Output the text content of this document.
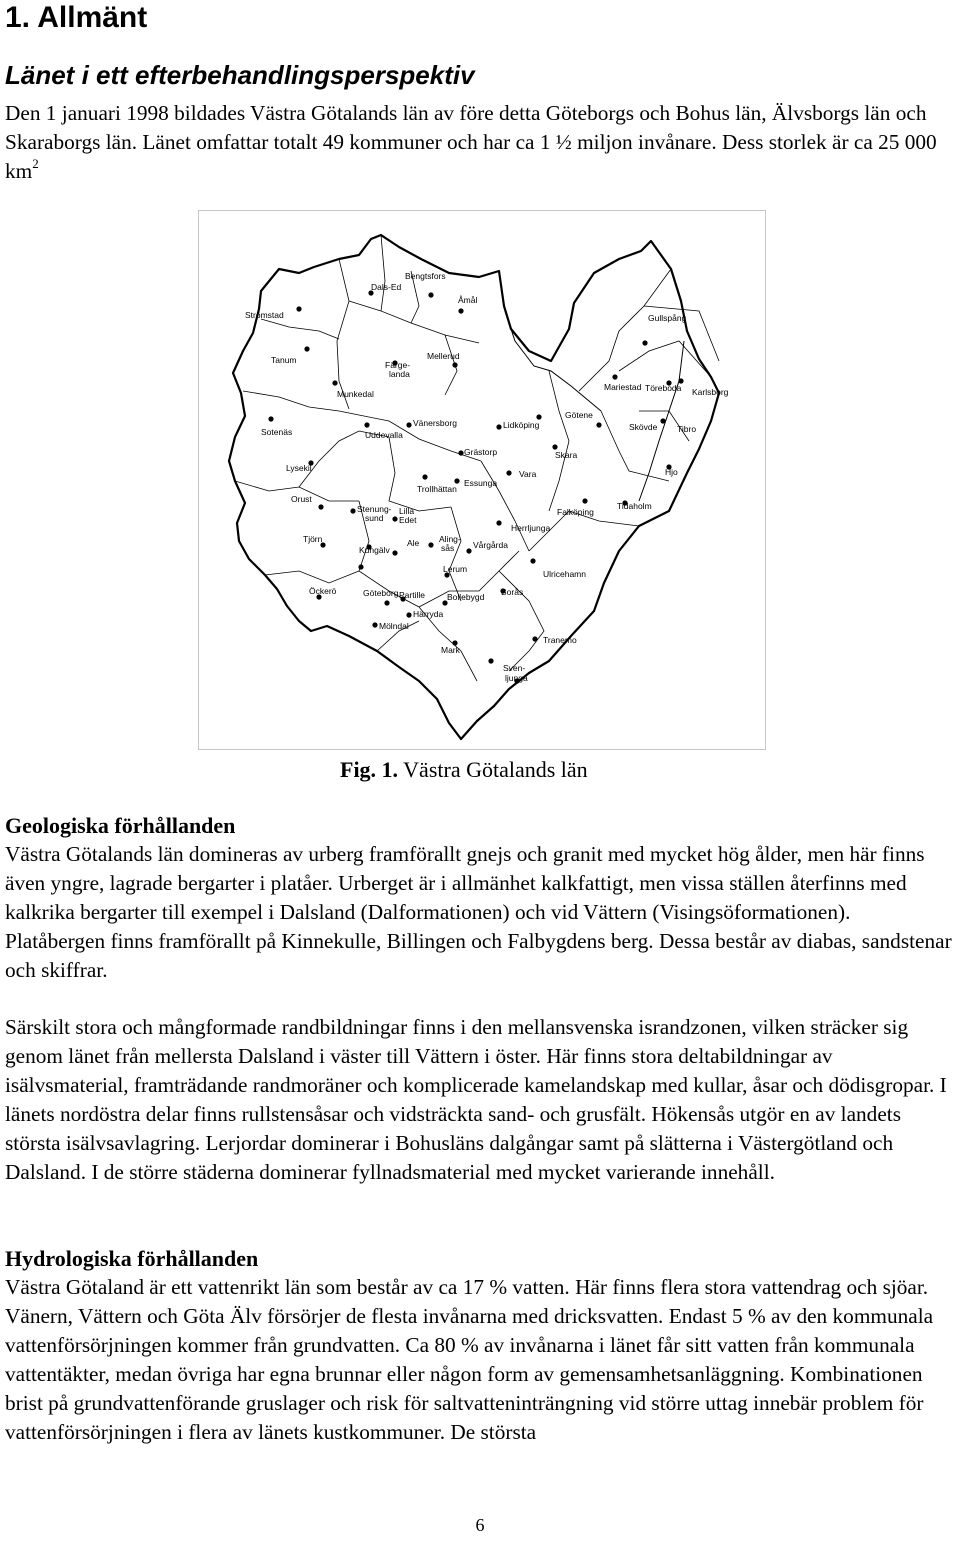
1. Allmänt
Länet i ett efterbehandlingsperspektiv

Den 1 januari 1998 bildades Västra Götalands län av före detta Göteborgs och Bohus län, Älvsborgs län och Skaraborgs län. Länet omfattar totalt 49 kommuner och har ca 1 ½ miljon invånare. Dess storlek är ca 25 000 $km^2$

Strömstad
Dals-Ed
Bengtsfors
Åmål
Gullspång
Tanum	Färge-
landa
Mellerud
Munkedal
Mariestad Töreboda Karlsborg
Sotenäs	Uddevalla
Vänersborg	Lidköping
Götene
Skövde Tibro
Grästorp	Skara
Lysekil
Vara	Hjo
Trollhättan
Essunga
Orust
Stenung-
sund
Lilla
Edet
Falköping
Tidaholm
Herrljunga
Tjörn	Ale Aling-
sås Vårgårda
Kungälv
Lerum	Ulricehamn
Öckerö	Göteborg Partille	Bollebygd Borås
Härryda
Mölndal
Tranemo
Mark
Sven-
ljunga

Fig. 1. Västra Götalands län

Geologiska förhållanden

Västra Götalands län domineras av urberg framförallt gnejs och granit med mycket hög ålder, men här finns även yngre, lagrade bergarter i platåer. Urberget är i allmänhet kalkfattigt, men vissa ställen återfinns med kalkrika bergarter till exempel i Dalsland (Dalformationen) och vid Vättern (Visingsöformationen). Platåbergen finns framförallt på Kinnekulle, Billingen och Falbygdens berg. Dessa består av diabas, sandstenar och skiffrar.

Särskilt stora och mångformade randbildningar finns i den mellansvenska israndzonen, vilken sträcker sig genom länet från mellersta Dalsland i väster till Vättern i öster. Här finns stora deltabildningar av isälvsmaterial, framträdande randmoräner och komplicerade kamelandskap med kullar, åsar och dödisgropar. I länets nordöstra delar finns rullstensåsar och vidsträckta sand- och grusfält. Hökensås utgör en av landets största isälvsavlagring. Lerjordar dominerar i Bohusläns dalgångar samt på slätterna i Västergötland och Dalsland. I de större städerna dominerar fyllnadsmaterial med mycket varierande innehåll.

Hydrologiska förhållanden

Västra Götaland är ett vattenrikt län som består av ca 17 % vatten. Här finns flera stora vattendrag och sjöar. Vänern, Vättern och Göta Älv försörjer de flesta invånarna med dricksvatten. Endast 5 % av den kommunala vattenförsörjningen kommer från grundvatten. Ca 80 % av invånarna i länet får sitt vatten från kommunala vattentäkter, medan övriga har egna brunnar eller någon form av gemensamhetsanläggning. Kombinationen brist på grundvattenförande gruslager och risk för saltvatteninträngning vid större uttag innebär problem för vattenförsörjningen i flera av länets kustkommuner. De största

6
